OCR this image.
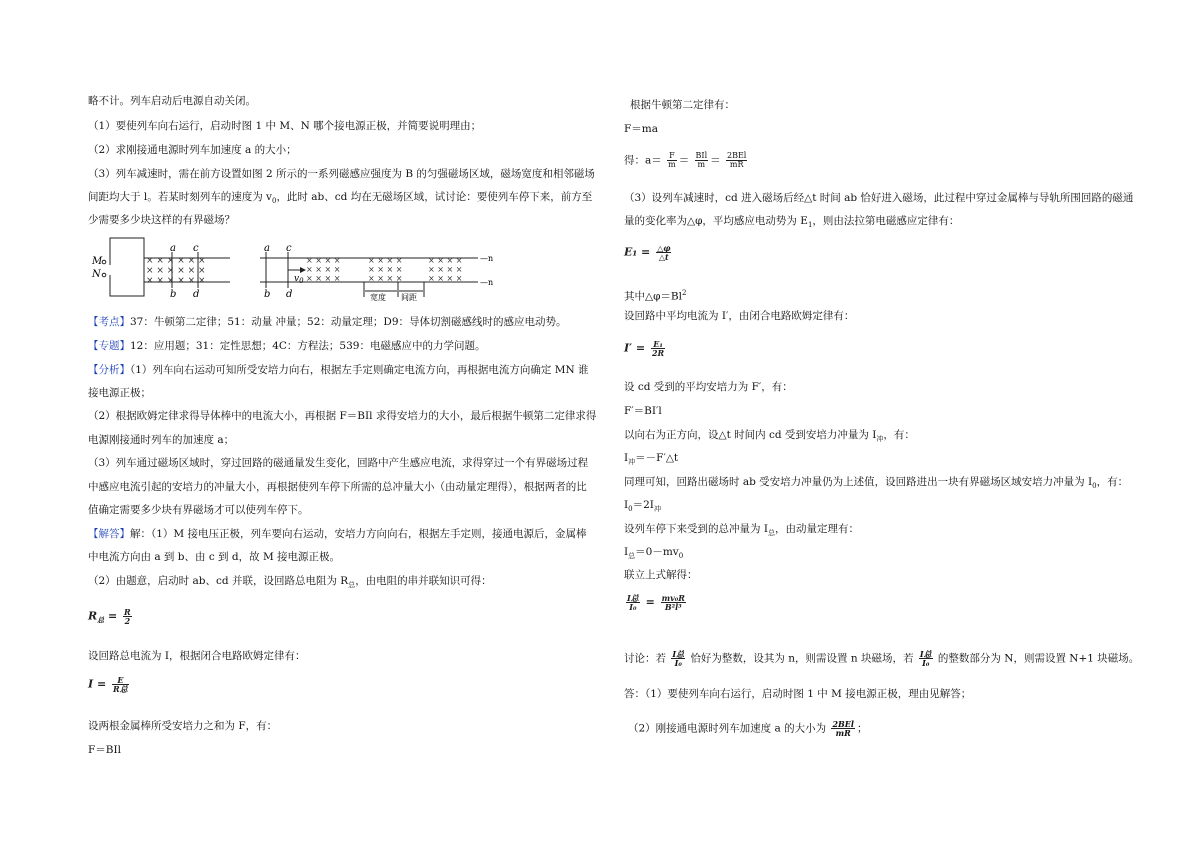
略不计。列车启动后电源自动关闭。
（1）要使列车向右运行，启动时图 1 中 M、N 哪个接电源正极，并简要说明理由；
（2）求刚接通电源时列车加速度 a 的大小；
（3）列车减速时，需在前方设置如图 2 所示的一系列磁感应强度为 B 的匀强磁场区域，磁场宽度和相邻磁场
间距均大于 l。若某时刻列车的速度为 $v_0$，此时 ab、cd 均在无磁场区域，试讨论：要使列车停下来，前方至
少需要多少块这样的有界磁场？
× × × × × ×
× × × × × ×
× × × × × ×
M
N
a c
b d
a c
b d
$v_0$
× × × ×
× × × ×
× × × ×
× × × ×
× × × ×
× × × ×
× × × ×
× × × ×
× × × ×
宽度 间距
—n
—n
【考点】37：牛顿第二定律；51：动量 冲量；52：动量定理；D9：导体切割磁感线时的感应电动势。
【专题】12：应用题；31：定性思想；4C：方程法；539：电磁感应中的力学问题。
【分析】（1）列车向右运动可知所受安培力向右，根据左手定则确定电流方向，再根据电流方向确定 MN 谁
接电源正极；
（2）根据欧姆定律求得导体棒中的电流大小，再根据 F＝BIl 求得安培力的大小，最后根据牛顿第二定律求得
电源刚接通时列车的加速度 a；
（3）列车通过磁场区域时，穿过回路的磁通量发生变化，回路中产生感应电流，求得穿过一个有界磁场过程
中感应电流引起的安培力的冲量大小，再根据使列车停下所需的总冲量大小（由动量定理得），根据两者的比
值确定需要多少块有界磁场才可以使列车停下。
【解答】解：（1）M 接电压正极，列车要向右运动，安培力方向向右，根据左手定则，接通电源后，金属棒
中电流方向由 a 到 b、由 c 到 d，故 M 接电源正极。
（2）由题意，启动时 ab、cd 并联，设回路总电阻为 $R_总$，由电阻的串并联知识可得：
$R_总 = \frac{R}{2}$
设回路总电流为 I，根据闭合电路欧姆定律有：
$I = \frac{E}{\text{R总}}$
设两根金属棒所受安培力之和为 F，有：
F＝BIl
根据牛顿第二定律有：
F＝ma
得：$a= \frac{F}{m} = \frac{\text{BIl}}{m} = \frac{\text{2BEl}}{mR}$
（3）设列车减速时，cd 进入磁场后经△t 时间 ab 恰好进入磁场，此过程中穿过金属棒与导轨所围回路的磁通
量的变化率为△φ，平均感应电动势为 $E_1$，则由法拉第电磁感应定律有：
$E_1 = \frac{\triangle\varphi}{\triangle t}$
其中$\triangle\varphi=Bl^2$
设回路中平均电流为 I′，由闭合电路欧姆定律有：
$I' = \frac{\text{E₁}}{2R}$
设 cd 受到的平均安培力为 F′，有：
F′＝BI′l
以向右为正方向，设△t 时间内 cd 受到安培力冲量为 $I_冲$，有：
$I_冲=-F'\triangle t$
同理可知，回路出磁场时 ab 受安培力冲量仍为上述值，设回路进出一块有界磁场区域安培力冲量为 $I_0$，有：
$I_0=2I_冲$
设列车停下来受到的总冲量为 $I_总$，由动量定理有：
$I_总=0-mv_0$
联立上式解得：
$\frac{\text{I总}}{\text{I₀}} = \frac{\text{mv₀R}}{\text{B²l³}}$
讨论：若 $\frac{\text{I总}}{\text{I₀}}$ 恰好为整数，设其为 n，则需设置 n 块磁场，若 $\frac{\text{I总}}{\text{I₀}}$ 的整数部分为 N，则需设置 N+1 块磁场。
答：（1）要使列车向右运行，启动时图 1 中 M 接电源正极，理由见解答；
（2）刚接通电源时列车加速度 a 的大小为 $\frac{\text{2BEl}}{mR}$ ；
